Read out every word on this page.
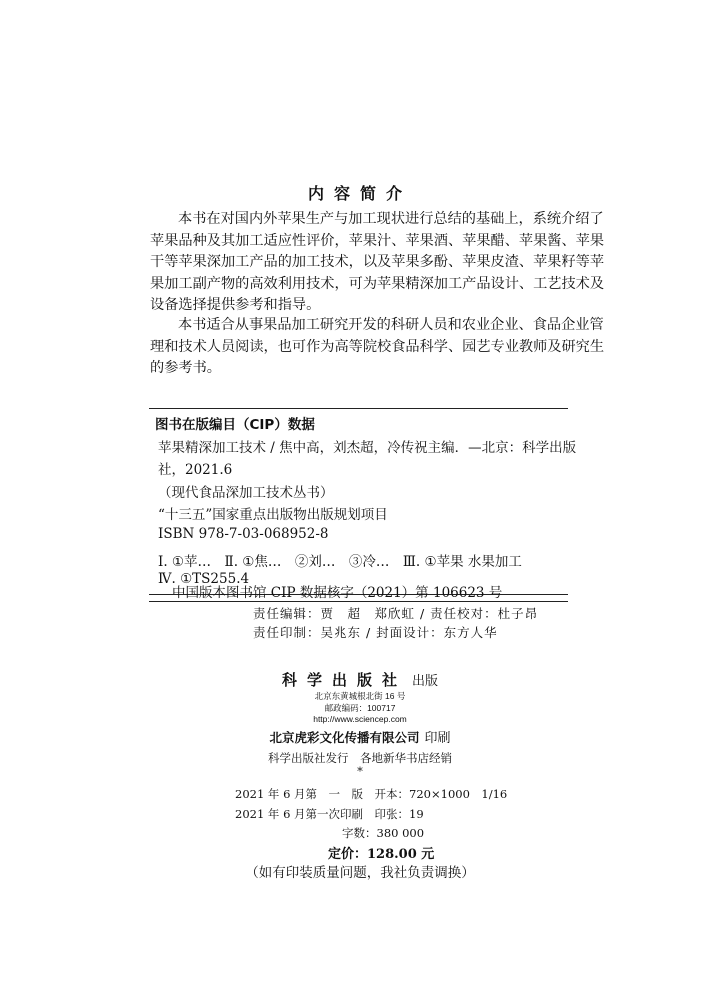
内容简介
本书在对国内外苹果生产与加工现状进行总结的基础上，系统介绍了
苹果品种及其加工适应性评价，苹果汁、苹果酒、苹果醋、苹果酱、苹果
干等苹果深加工产品的加工技术，以及苹果多酚、苹果皮渣、苹果籽等苹
果加工副产物的高效利用技术，可为苹果精深加工产品设计、工艺技术及
设备选择提供参考和指导。
本书适合从事果品加工研究开发的科研人员和农业企业、食品企业管
理和技术人员阅读，也可作为高等院校食品科学、园艺专业教师及研究生
的参考书。
图书在版编目（CIP）数据
苹果精深加工技术 / 焦中高，刘杰超，冷传祝主编．—北京：科学出版
社，2021.6
（现代食品深加工技术丛书）
“十三五”国家重点出版物出版规划项目
ISBN 978-7-03-068952-8
Ⅰ. ①苹…　Ⅱ. ①焦…　②刘…　③冷…　Ⅲ. ①苹果 水果加工
Ⅳ. ①TS255.4
中国版本图书馆 CIP 数据核字（2021）第 106623 号
责任编辑：贾　超　郑欣虹 / 责任校对：杜子昂
责任印制：吴兆东 / 封面设计：东方人华
科学出版社 出版
北京东黄城根北街 16 号
邮政编码：100717
http://www.sciencep.com
北京虎彩文化传播有限公司 印刷
科学出版社发行　各地新华书店经销
*
2021 年 6 月第　一　版　开本：720×1000　1/16
2021 年 6 月第一次印刷　印张：19
字数：380 000
定价：128.00 元
（如有印装质量问题，我社负责调换）
